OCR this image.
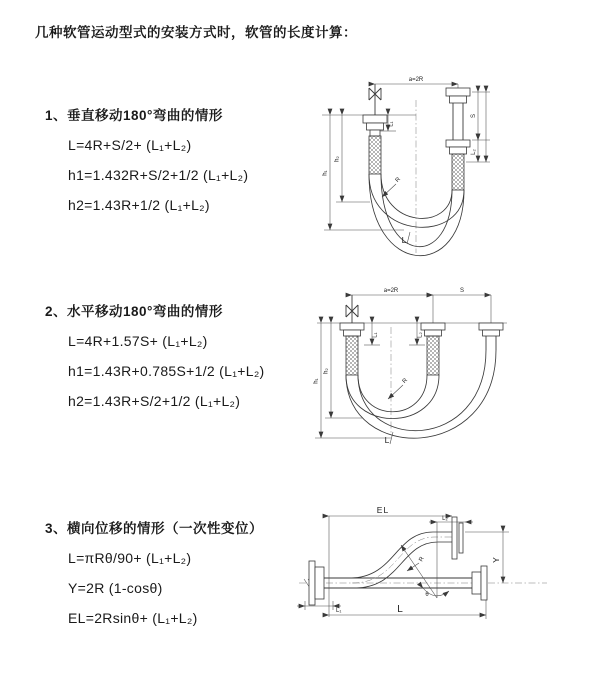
几种软管运动型式的安装方式时，软管的长度计算：
1、垂直移动180°弯曲的情形

L=4R+S/2+ (L₁+L₂)

h1=1.432R+S/2+1/2 (L₁+L₂)

h2=1.43R+1/2 (L₁+L₂)

2、水平移动180°弯曲的情形

L=4R+1.57S+ (L₁+L₂)

h1=1.43R+0.785S+1/2 (L₁+L₂)

h2=1.43R+S/2+1/2 (L₁+L₂)

3、横向位移的情形（一次性变位）

L=πRθ/90+ (L₁+L₂)

Y=2R (1-cosθ)

EL=2Rsinθ+ (L₁+L₂)

a=2R
h₁
h₂
L₁
S
L₂
R
L
a=2R	S
h₁
h₂
L₁	L₂
R
L
EL
L₂
θ
R	Y
L
L₁
